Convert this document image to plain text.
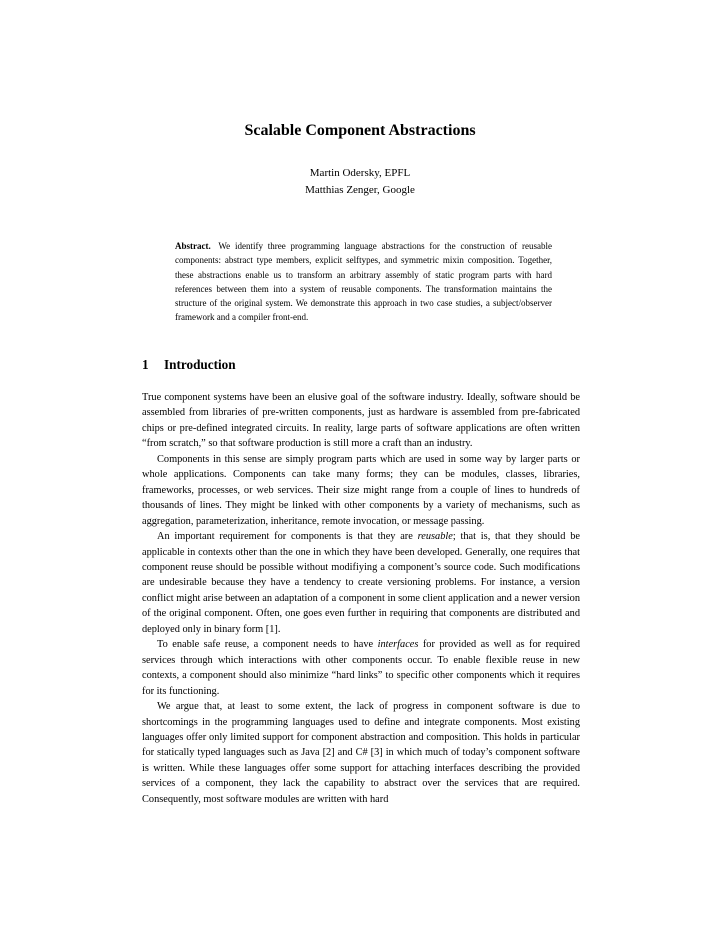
Scalable Component Abstractions
Martin Odersky, EPFL
Matthias Zenger, Google
Abstract. We identify three programming language abstractions for the construction of reusable components: abstract type members, explicit selftypes, and symmetric mixin composition. Together, these abstractions enable us to transform an arbitrary assembly of static program parts with hard references between them into a system of reusable components. The transformation maintains the structure of the original system. We demonstrate this approach in two case studies, a subject/observer framework and a compiler front-end.
1 Introduction

True component systems have been an elusive goal of the software industry. Ideally, software should be assembled from libraries of pre-written components, just as hardware is assembled from pre-fabricated chips or pre-defined integrated circuits. In reality, large parts of software applications are often written “from scratch,” so that software production is still more a craft than an industry.

Components in this sense are simply program parts which are used in some way by larger parts or whole applications. Components can take many forms; they can be modules, classes, libraries, frameworks, processes, or web services. Their size might range from a couple of lines to hundreds of thousands of lines. They might be linked with other components by a variety of mechanisms, such as aggregation, parameterization, inheritance, remote invocation, or message passing.

An important requirement for components is that they are reusable; that is, that they should be applicable in contexts other than the one in which they have been developed. Generally, one requires that component reuse should be possible without modifiying a component’s source code. Such modifications are undesirable because they have a tendency to create versioning problems. For instance, a version conflict might arise between an adaptation of a component in some client application and a newer version of the original component. Often, one goes even further in requiring that components are distributed and deployed only in binary form [1].

To enable safe reuse, a component needs to have interfaces for provided as well as for required services through which interactions with other components occur. To enable flexible reuse in new contexts, a component should also minimize “hard links” to specific other components which it requires for its functioning.

We argue that, at least to some extent, the lack of progress in component software is due to shortcomings in the programming languages used to define and integrate components. Most existing languages offer only limited support for component abstraction and composition. This holds in particular for statically typed languages such as Java [2] and C# [3] in which much of today’s component software is written. While these languages offer some support for attaching interfaces describing the provided services of a component, they lack the capability to abstract over the services that are required. Consequently, most software modules are written with hard
